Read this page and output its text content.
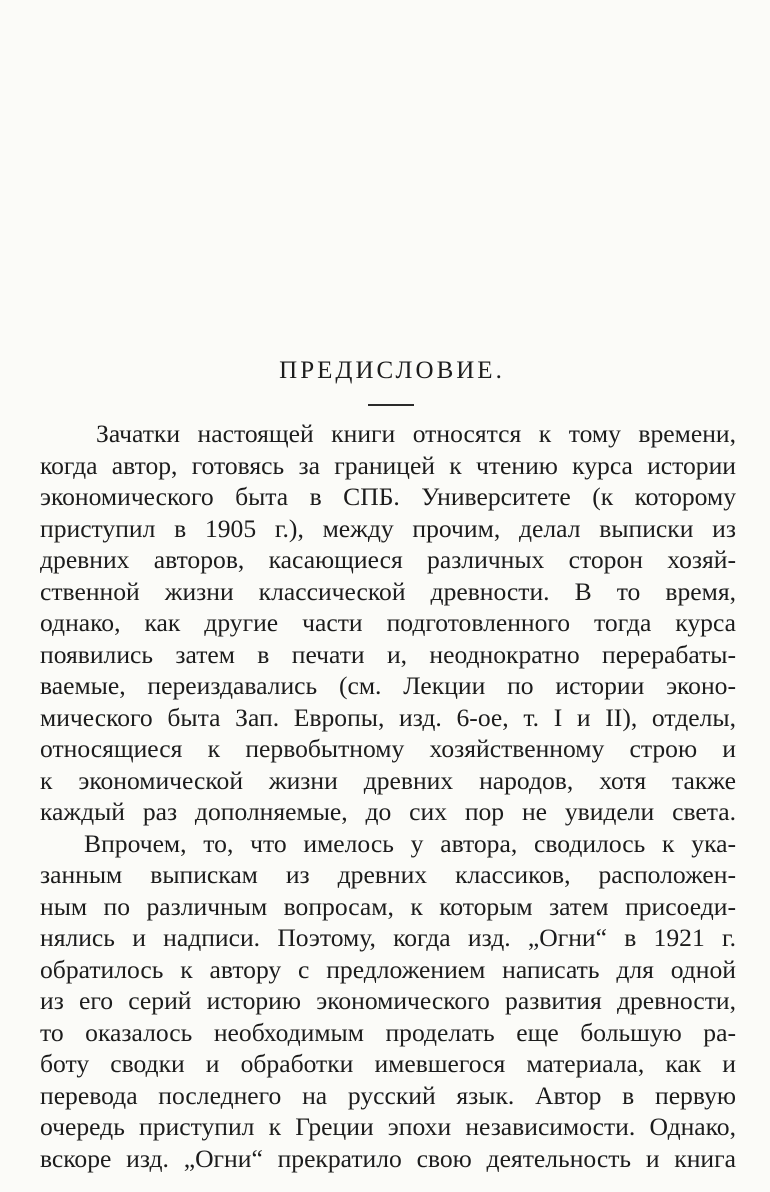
ПРЕДИСЛОВИЕ.

Зачатки настоящей книги относятся к тому времени,
когда автор, готовясь за границей к чтению курса истории
экономического быта в СПБ. Университете (к которому
приступил в 1905 г.), между прочим, делал выписки из
древних авторов, касающиеся различных сторон хозяй-
ственной жизни классической древности. В то время,
однако, как другие части подготовленного тогда курса
появились затем в печати и, неоднократно перерабаты-
ваемые, переиздавались (см. Лекции по истории эконо-
мического быта Зап. Европы, изд. 6-ое, т. I и II), отделы,
относящиеся к первобытному хозяйственному строю и
к экономической жизни древних народов, хотя также
каждый раз дополняемые, до сих пор не увидели света.

Впрочем, то, что имелось у автора, сводилось к ука-
занным выпискам из древних классиков, расположен-
ным по различным вопросам, к которым затем присоеди-
нялись и надписи. Поэтому, когда изд. „Огни“ в 1921 г.
обратилось к автору с предложением написать для одной
из его серий историю экономического развития древности,
то оказалось необходимым проделать еще большую ра-
боту сводки и обработки имевшегося материала, как и
перевода последнего на русский язык. Автор в первую
очередь приступил к Греции эпохи независимости. Однако,
вскоре изд. „Огни“ прекратило свою деятельность и книга
